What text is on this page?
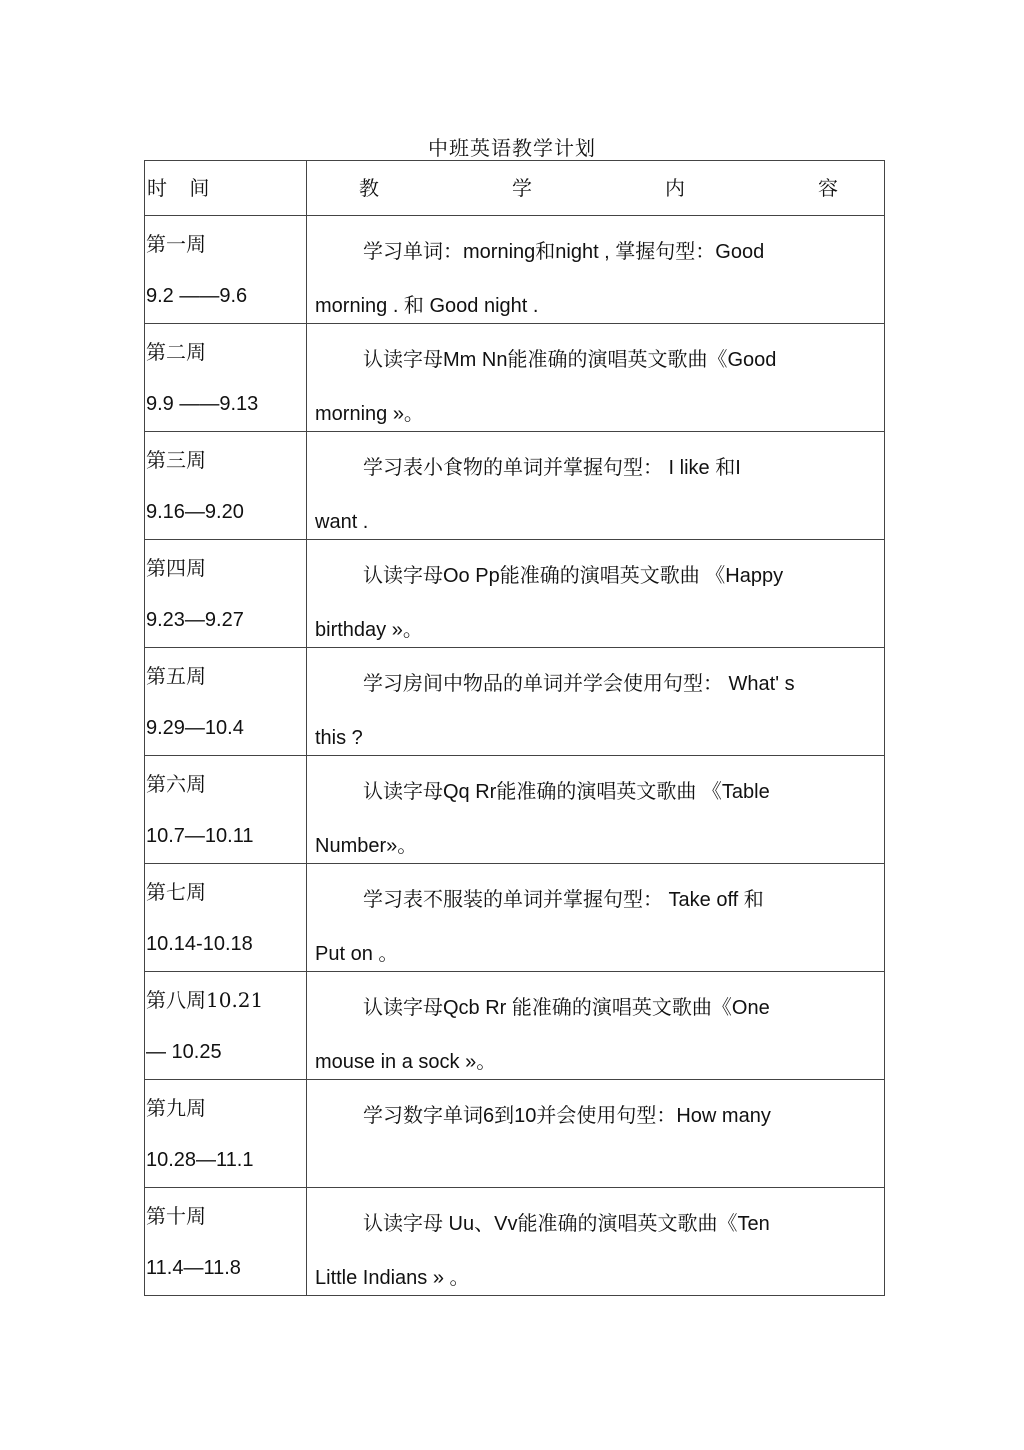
中班英语教学计划
时 间	教 学 内 容

第一周
9.2 ——9.6	学习单词：morning和night , 掌握句型：Good
morning . 和 Good night .

第二周
9.9 ——9.13	认读字母Mm Nn能准确的演唱英文歌曲《Good
morning »。

第三周
9.16—9.20	学习表小食物的单词并掌握句型： I like 和I
want .

第四周
9.23—9.27	认读字母Oo Pp能准确的演唱英文歌曲 《Happy
birthday »。

第五周
9.29—10.4	学习房间中物品的单词并学会使用句型： What' s
this ?

第六周
10.7—10.11	认读字母Qq Rr能准确的演唱英文歌曲 《Table
Number»。

第七周
10.14-10.18	学习表不服装的单词并掌握句型： Take off 和
Put on 。

第八周10.21
— 10.25	认读字母Qcb Rr 能准确的演唱英文歌曲《One
mouse in a sock »。

第九周
10.28—11.1	学习数字单词6到10并会使用句型：How many

第十周
11.4—11.8	认读字母 Uu、Vv能准确的演唱英文歌曲《Ten
Little Indians » 。
